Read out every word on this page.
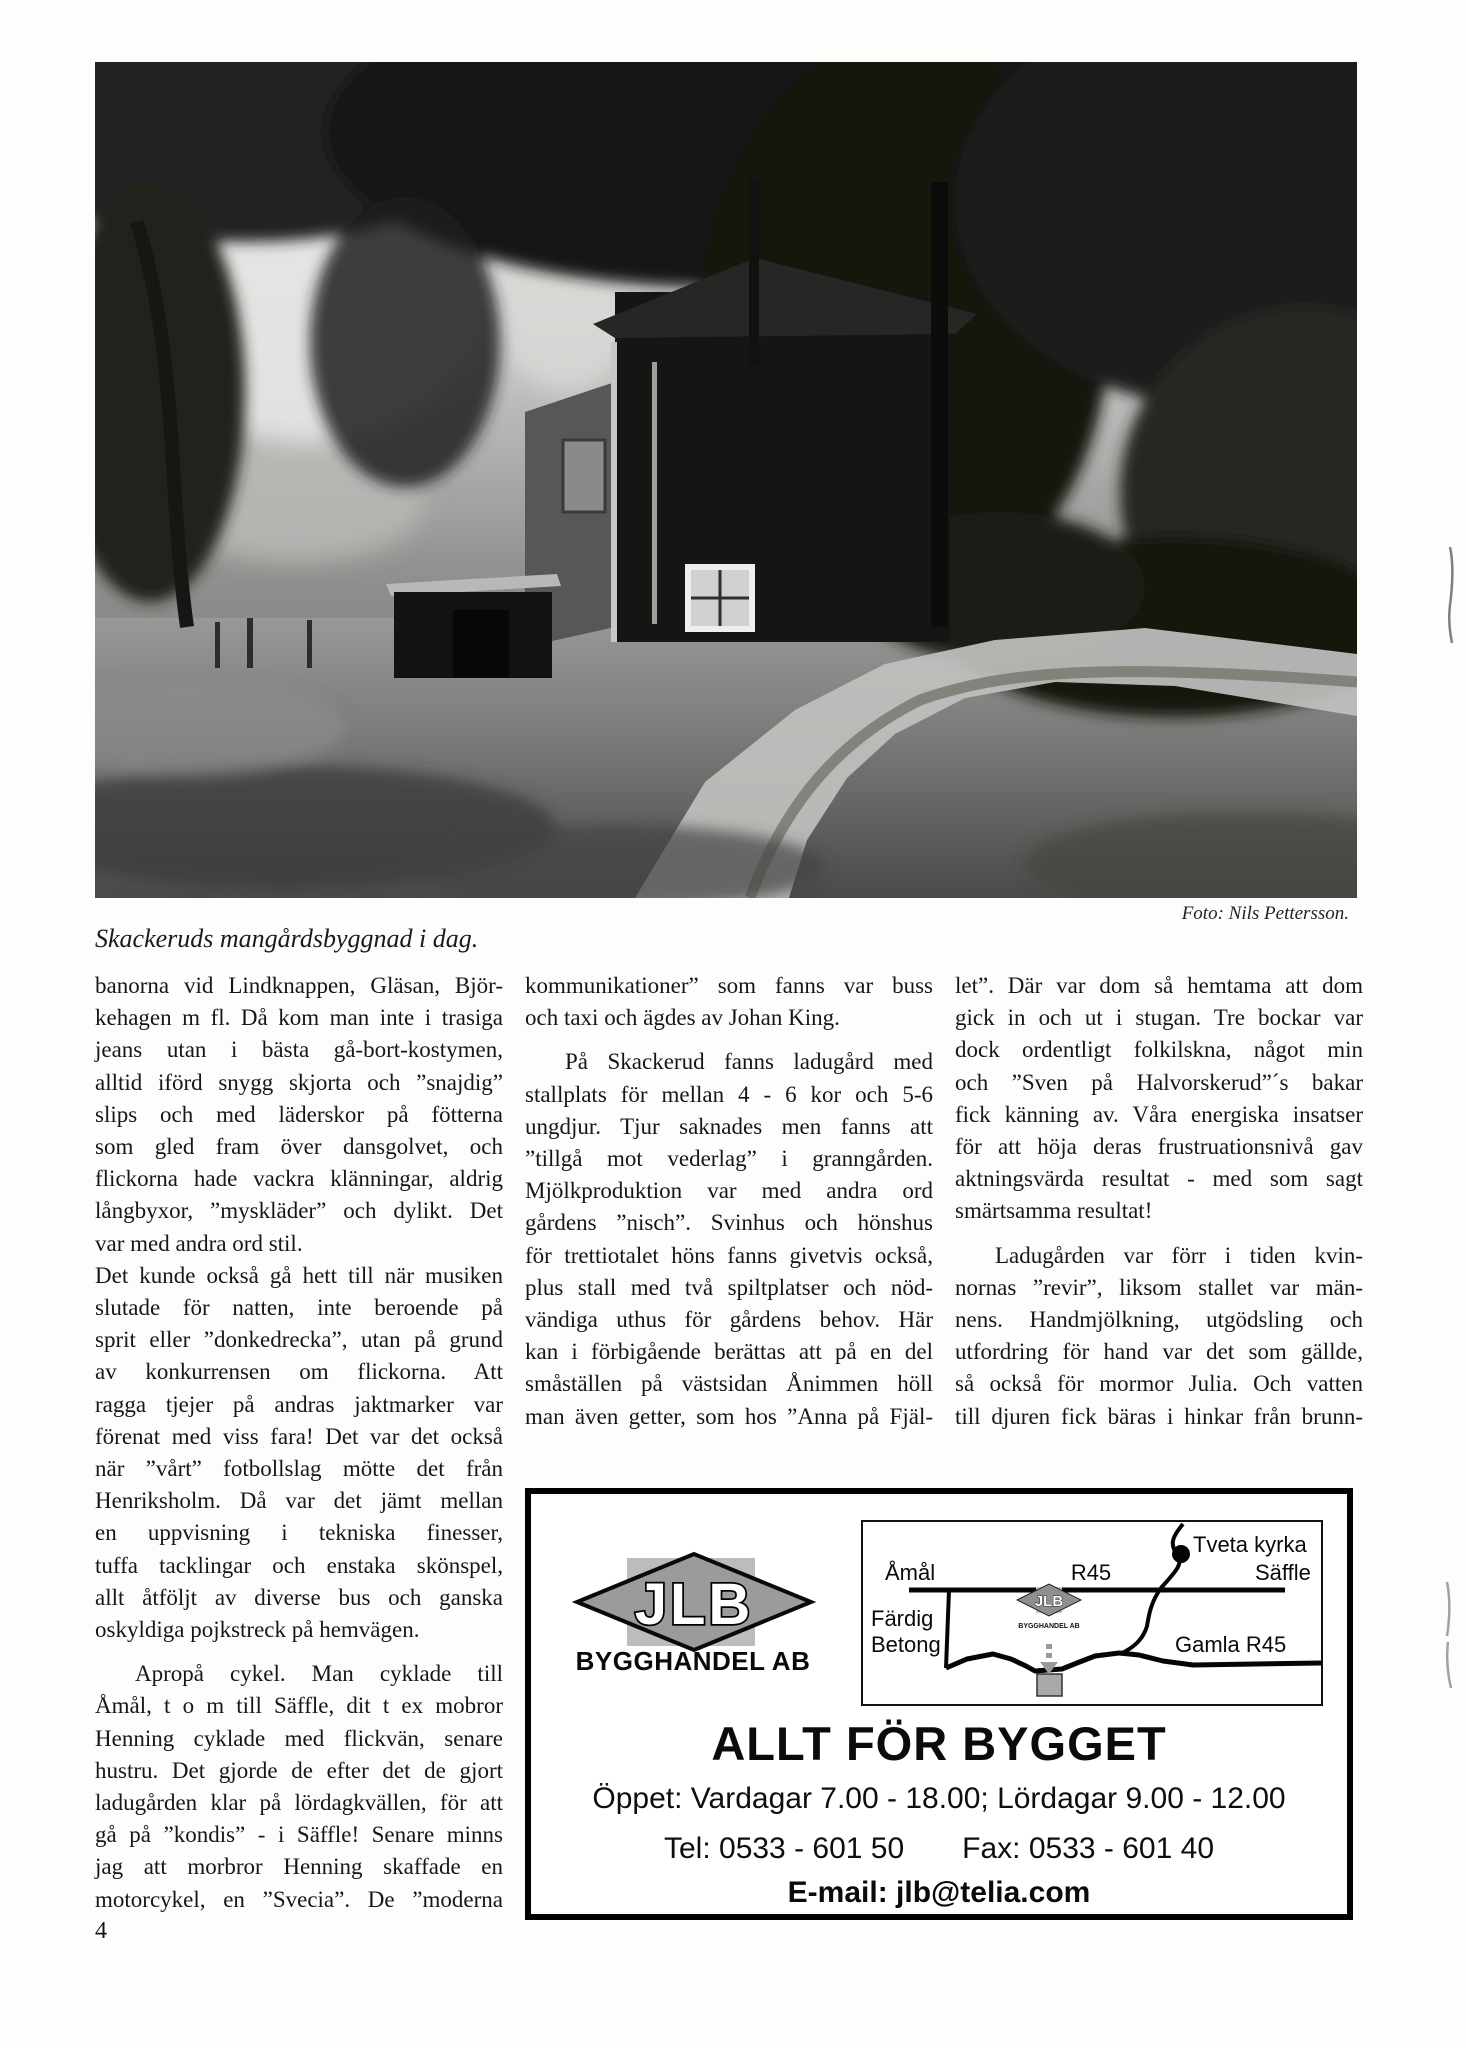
Foto: Nils Pettersson.
Skackeruds mangårdsbyggnad i dag.
banorna vid Lindknappen, Gläsan, Björ-
kehagen m fl. Då kom man inte i trasiga
jeans utan i bästa gå-bort-kostymen,
alltid iförd snygg skjorta och ”snajdig”
slips och med läderskor på fötterna
som gled fram över dansgolvet, och
flickorna hade vackra klänningar, aldrig
långbyxor, ”myskläder” och dylikt. Det
var med andra ord stil.
Det kunde också gå hett till när musiken
slutade för natten, inte beroende på
sprit eller ”donkedrecka”, utan på grund
av konkurrensen om flickorna. Att
ragga tjejer på andras jaktmarker var
förenat med viss fara! Det var det också
när ”vårt” fotbollslag mötte det från
Henriksholm. Då var det jämt mellan
en uppvisning i tekniska finesser,
tuffa tacklingar och enstaka skönspel,
allt åtföljt av diverse bus och ganska
oskyldiga pojkstreck på hemvägen.
Apropå cykel. Man cyklade till
Åmål, t o m till Säffle, dit t ex mobror
Henning cyklade med flickvän, senare
hustru. Det gjorde de efter det de gjort
ladugården klar på lördagkvällen, för att
gå på ”kondis” - i Säffle! Senare minns
jag att morbror Henning skaffade en
motorcykel, en ”Svecia”. De ”moderna
kommunikationer” som fanns var buss
och taxi och ägdes av Johan King.
På Skackerud fanns ladugård med
stallplats för mellan 4 - 6 kor och 5-6
ungdjur. Tjur saknades men fanns att
”tillgå mot vederlag” i granngården.
Mjölkproduktion var med andra ord
gårdens ”nisch”. Svinhus och hönshus
för trettiotalet höns fanns givetvis också,
plus stall med två spiltplatser och nöd-
vändiga uthus för gårdens behov. Här
kan i förbigående berättas att på en del
småställen på västsidan Ånimmen höll
man även getter, som hos ”Anna på Fjäl-
let”. Där var dom så hemtama att dom
gick in och ut i stugan. Tre bockar var
dock ordentligt folkilskna, något min
och ”Sven på Halvorskerud”´s bakar
fick känning av. Våra energiska insatser
för att höja deras frustruationsnivå gav
aktningsvärda resultat - med som sagt
smärtsamma resultat!
Ladugården var förr i tiden kvin-
nornas ”revir”, liksom stallet var män-
nens. Handmjölkning, utgödsling och
utfordring för hand var det som gällde,
så också för mormor Julia. Och vatten
till djuren fick bäras i hinkar från brunn-
JLB
BYGGHANDEL AB
JLB
BYGGHANDEL AB
Åmål	R45
Tveta kyrka
Säffle
Färdig
Betong	Gamla R45
ALLT FÖR BYGGET
Öppet: Vardagar 7.00 - 18.00; Lördagar 9.00 - 12.00
Tel: 0533 - 601 50 Fax: 0533 - 601 40
E-mail: jlb@telia.com
4
